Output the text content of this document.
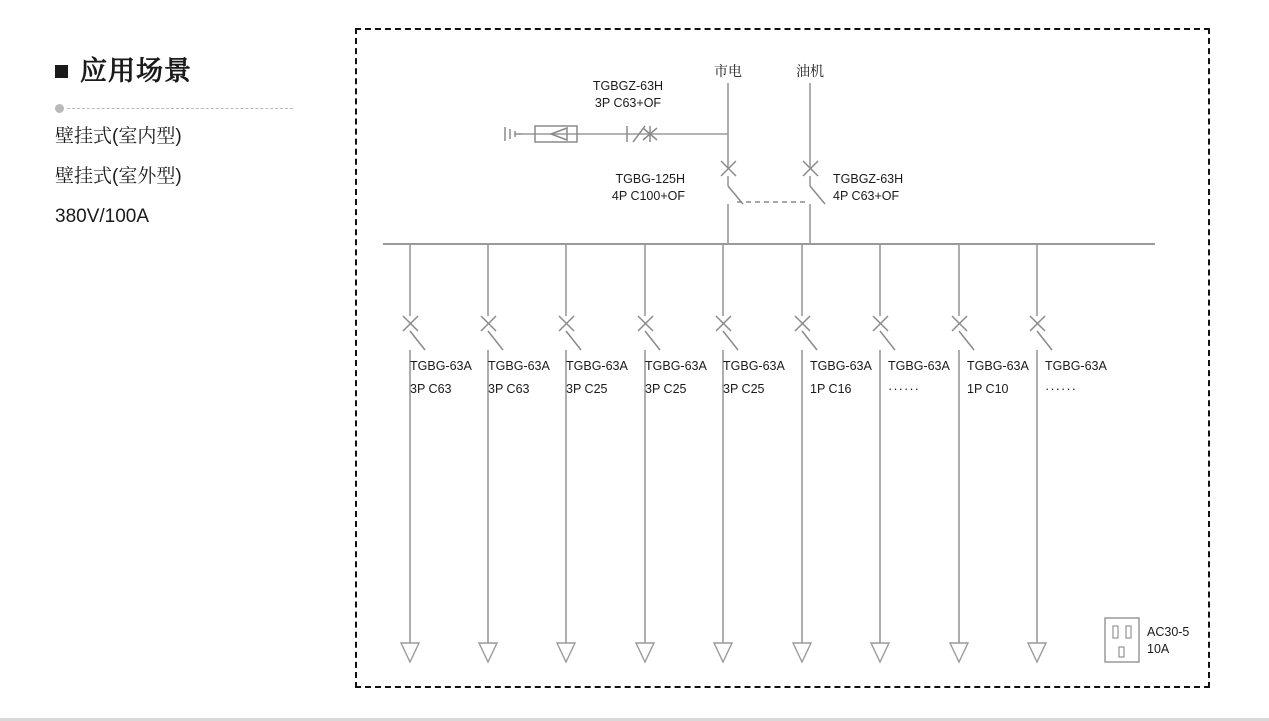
应用场景

壁挂式(室内型)

壁挂式(室外型)

380V/100A

市电	油机
TGBGZ-63H
3P C63+OF
TGBG-125H
4P C100+OF
TGBGZ-63H
4P C63+OF
TGBG-63A
3P C63
TGBG-63A
3P C63
TGBG-63A
3P C25
TGBG-63A
3P C25
TGBG-63A
3P C25
TGBG-63A
1P C16
TGBG-63A
······
TGBG-63A
1P C10
TGBG-63A
······
AC30-5
10A
